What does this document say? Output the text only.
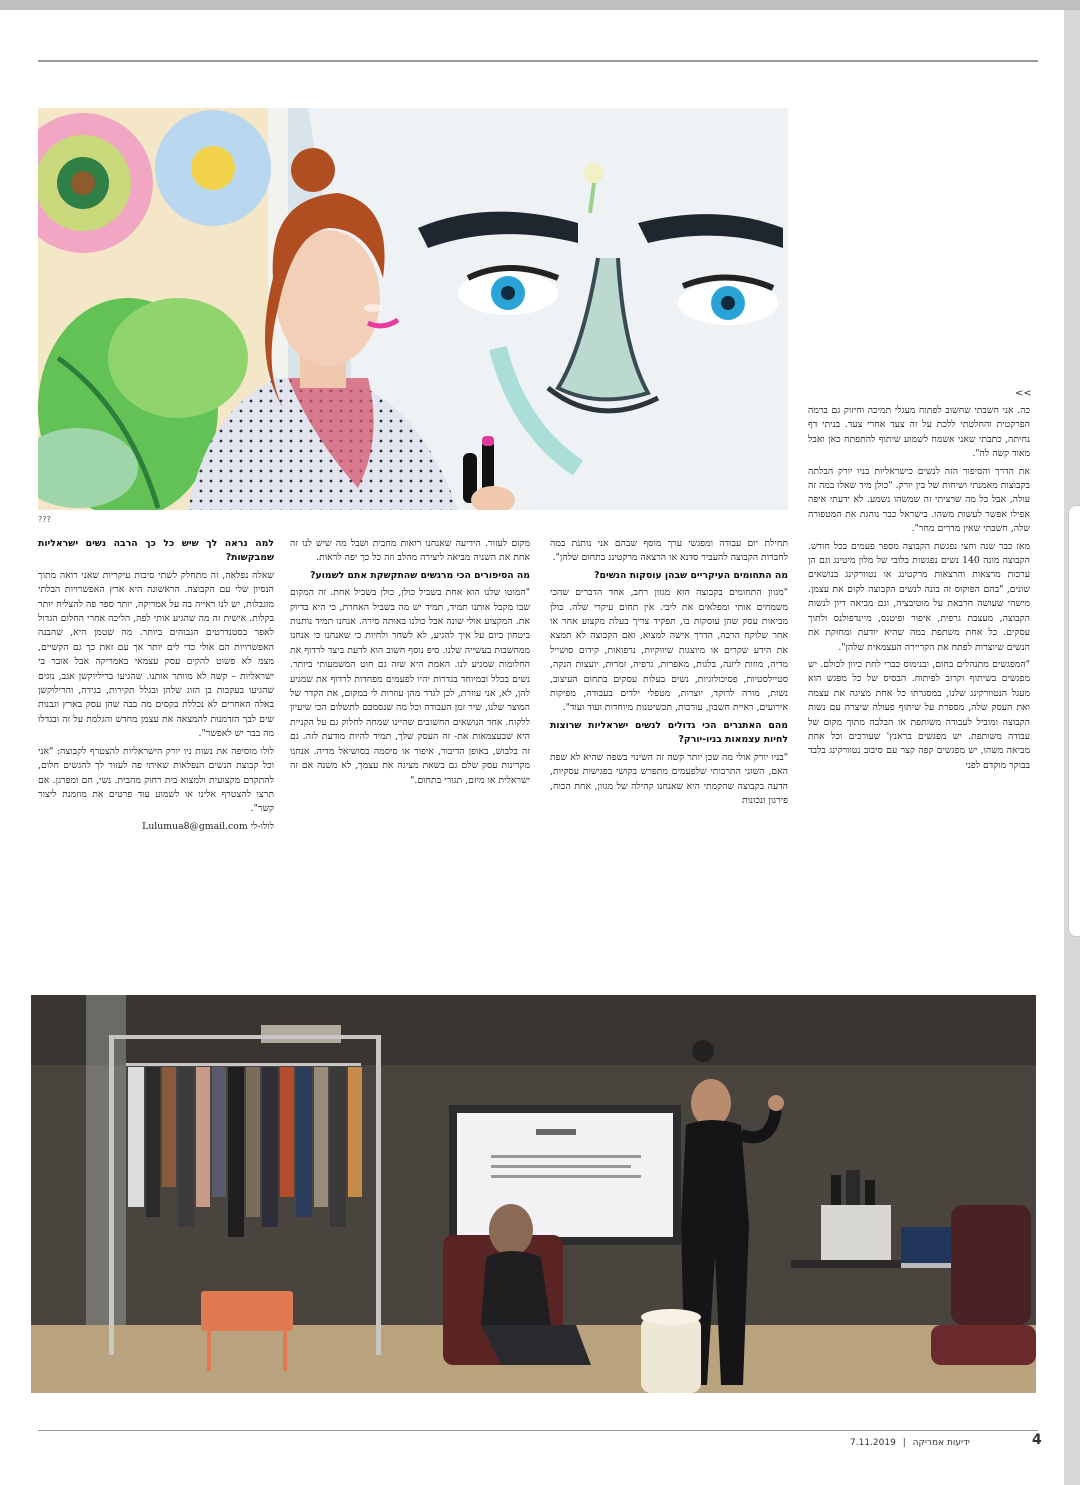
???
<<

כה. אני חשבתי שחשוב לפתוח מעגלי תמיכה וחיזוק גם ברמה הפרקטית והחלטתי ללכת על זה צעד אחרי צעד. בניתי דף נחיתה, כתבתי שאני אשמח לשמוע שיתוף להתפתח כאן ואבל מאוד קשה לה".

את הדרך והסיפור הזה לנשים כישראליות בניו יורק הבלתה בקבוצות מאמנתי ושיחות של בין יורק. "כולן מיד שאלו במה זה עולה, אבל כל מה שרציתי זה שמשהו נשמע. לא ידעתי איפה אפילו אפשר לעשות משהו. בישראל כבר נוהגת את המטפורה שלה, חשבתי שאין מדרים מחר".

מאז כבר שנה וחצי נפגשת הקבוצה מספר פעמים בכל חודש. הקבוצה מונה 140 נשים נפגשות בלובי של מלון מיטינג וגם הן ערכות מרצאות והרצאות מרקטינג או נטוורקינג בנושאים שונים, "בהם הפוקוס זה בונה לנשים הקבוצה לקום את עצמן. מישהי שעושה חרבאת על מוטיבציה, וגם מביאה דיון לנשות הקבוצה, מעצבת גרפית, איפור ופיטנס, מיינדפולנס ולתוך עסקים. כל אחת משתפת במה שהיא יודעת ומחזקת את הנשים שיוצרות לפתח את הקריירה העצמאית שלהן".

"המפגשים מתנהלים בחום, ובנימוס כברי לחת כיוון לכולם. יש מפגשים בשיתוף וקרוב לפיתוח. הבסיס של כל מפגש הוא מעגל הנטוורקינג שלנו, במסגרתו כל אחת מציגה את עצמה ואת העסק שלה, מספרת על שיתוף פעולה שיצרה עם נשות הקבוצה ומוביל לעבודה משותפת או הבלבה מתוך מקום של עבודה משותפת. יש מפגשים בראנץ' שעורכים וכל אחת מביאה משהו, יש מפגשים קפה קצר עם סיבוב נטוורקינג בלבד בבוקר מוקדם לפני

תחילת יום עבודה ומפגשי ערך מוסף שבהם אני נותנת במה לחברות הקבוצה להעביר סדנא או הרצאה מרקטינג בתחום שלהן".

מה התחומים העיקריים שבהן עוסקות הנשים?

"מגוון התחומים בקבוצה הוא מגוון רחב, אחד הדברים שהכי משמחים אותי ומפלאים את ליבי. אין תחום עיקרי שלה. כולן מביאות עסק שהן עוסקות בו, תפקיד צריך בעלת מקצוע אחר או אחר שלוקח הרבה, הדרך אישה למצוא, ואם הקבוצה לא תמצא את הידע שקרים או מיוצגות שיווקיות, נרפואות, קידום סושייל מדיה, מוזות ליזנה, בלגות, מאפרות, גרפיה, זמרות, יועצות הנקה, סטיילסטיות, פסיכולוגיות, נשים בעלות עסקים בתחום העיצוב, נשות, מורה לרוקד, יוצרות, מטפלי ילדים בעבודה, מפיקות אירועים, ראיית חשבון, עורכות, תכשיטנות מיוחדות ועוד ועוד".

מהם האתגרים הכי גדולים לנשים ישראליות שרוצות לחיות עצמאות בניו-יורק?

"בניו יורק אולי מה שכן יותר קשה זה השינוי בשפה שהיא לא שפת האם, השוני התרבותי שלפעמים מתפרש בקושי בפגישות עסקיות, הדעה בקבוצה שהקמתי היא שאנחנו קהילה של מגוון, אחת הכוח, פירגון ונכונות

מקום לעזור. הידיעה שאנחנו רואות מחבית ושבל מה שיש לנו זה אחת את השניה מביאה ליצירה מהלב וזה כל כך יפה לראות.

מה הסיפורים הכי מרגשים שהתקשקת אתם לשמוע?

"המוטו שלנו הוא אחת בשביל כולן, כולן בשביל אחת. זה המקום שבו מקבל אותנו תמיד, תמיד יש מה בשביל האחרת, כי היא בדיוק את. המקצוע אולי שונה אבל כולנו באותה סירה. אנחנו תמיד נותנות ביטחון ביום על איך להגיע, לא לשחר ולחיות כי שאנחנו כי אנחנו ממחשבות בעשייה שלנו. סיפ נוסף חשוב הוא לדעת ביצד לרדוף את החלומות שמגיע לנו. האמת היא שזה גם חוט המשמעותי ביותר. נשים בכלל ובמיוחד בגדרות יהיו לפעמים מפחדות לרדוף את שמגיע להן, לא, אני עוזרת, לכן לגדר מהן עוזרות לי במקום, את הקדר של המוצר שלנו, שיר זמן העבודה וכל מה שנסמכם לתשלום הכי שיעיון ללקוח. אחד הנושאים החשובים שהיינו שמחה לחלוק גם על הקניית היא שבעצמאות את- זה העסק שלך, תמיד להיות מודעת לזה. גם זה בלבוש, באופן הדיבור, איפור או סיסמה בסושיאל מדיה. אנחנו מקרינות עסק שלם גם בשאת מציגה את עצמך, לא משנה אם זה ישראלית או מיזם, תגורי בתחום."

למה נראה לך שיש כל כך הרבה נשים ישראליות שמבקשות?

שאלה נפלאה, זה מתחלק לשתי סיבות עיקריות שאני רואה מתוך הנסיון שלי עם הקבוצה. הראשונה היא ארץ האפשרויות הבלתי מוגבלות, יש לנו ראייה בה על אמריקה, יותר ספר פה להצליח יותר בקלות. אישית זה מה שהגיע אותי לפה, הליכה אחרי החלום הגדול לאפר בסטנדרטים הגבוהים ביותר. מה שטמן היא, שהבנה האפשרויות הם אולי כדי לים יותר אך עם זאת כך גם הקשיים, מצמ לא פשוט להקים עסק עצמאי באמריקה אבל אובר בי ישראליות – קשה לא מוותר אותנו. שהגיעו בריליוקשן אגב, נוגים שהגיעו בעקבות בן הזוג שלהן ובגלל תקירות, בגידה, והרילוקשן באלה האחרים לא נכללת בקסים מה בבה שהן עסק בארץ וגבנות שים לבך הזדמנות להמצאה את עצמן מחדש והגלמת על זה ובגדלו מה בבר יש לאפשר".

לולו מוסיפה את נשות ניו יורק הישראליות להצטרף לקבוצה: "אני וכל קבוצת הנשים הנפלאות שאיתי פה לעזור לך להגשים חלום, להתקדם מקצועית ולמצוא בית רחוק מהבית. נשי, חם ומפרגן. אם תרצו להצטרף אלינו או לשמוע עוד פרטים את מוזמנת ליצור קשר".

לולו-לי Lulumua8@gmail.com

ידיעות אמריקה | 7.11.2019	4
